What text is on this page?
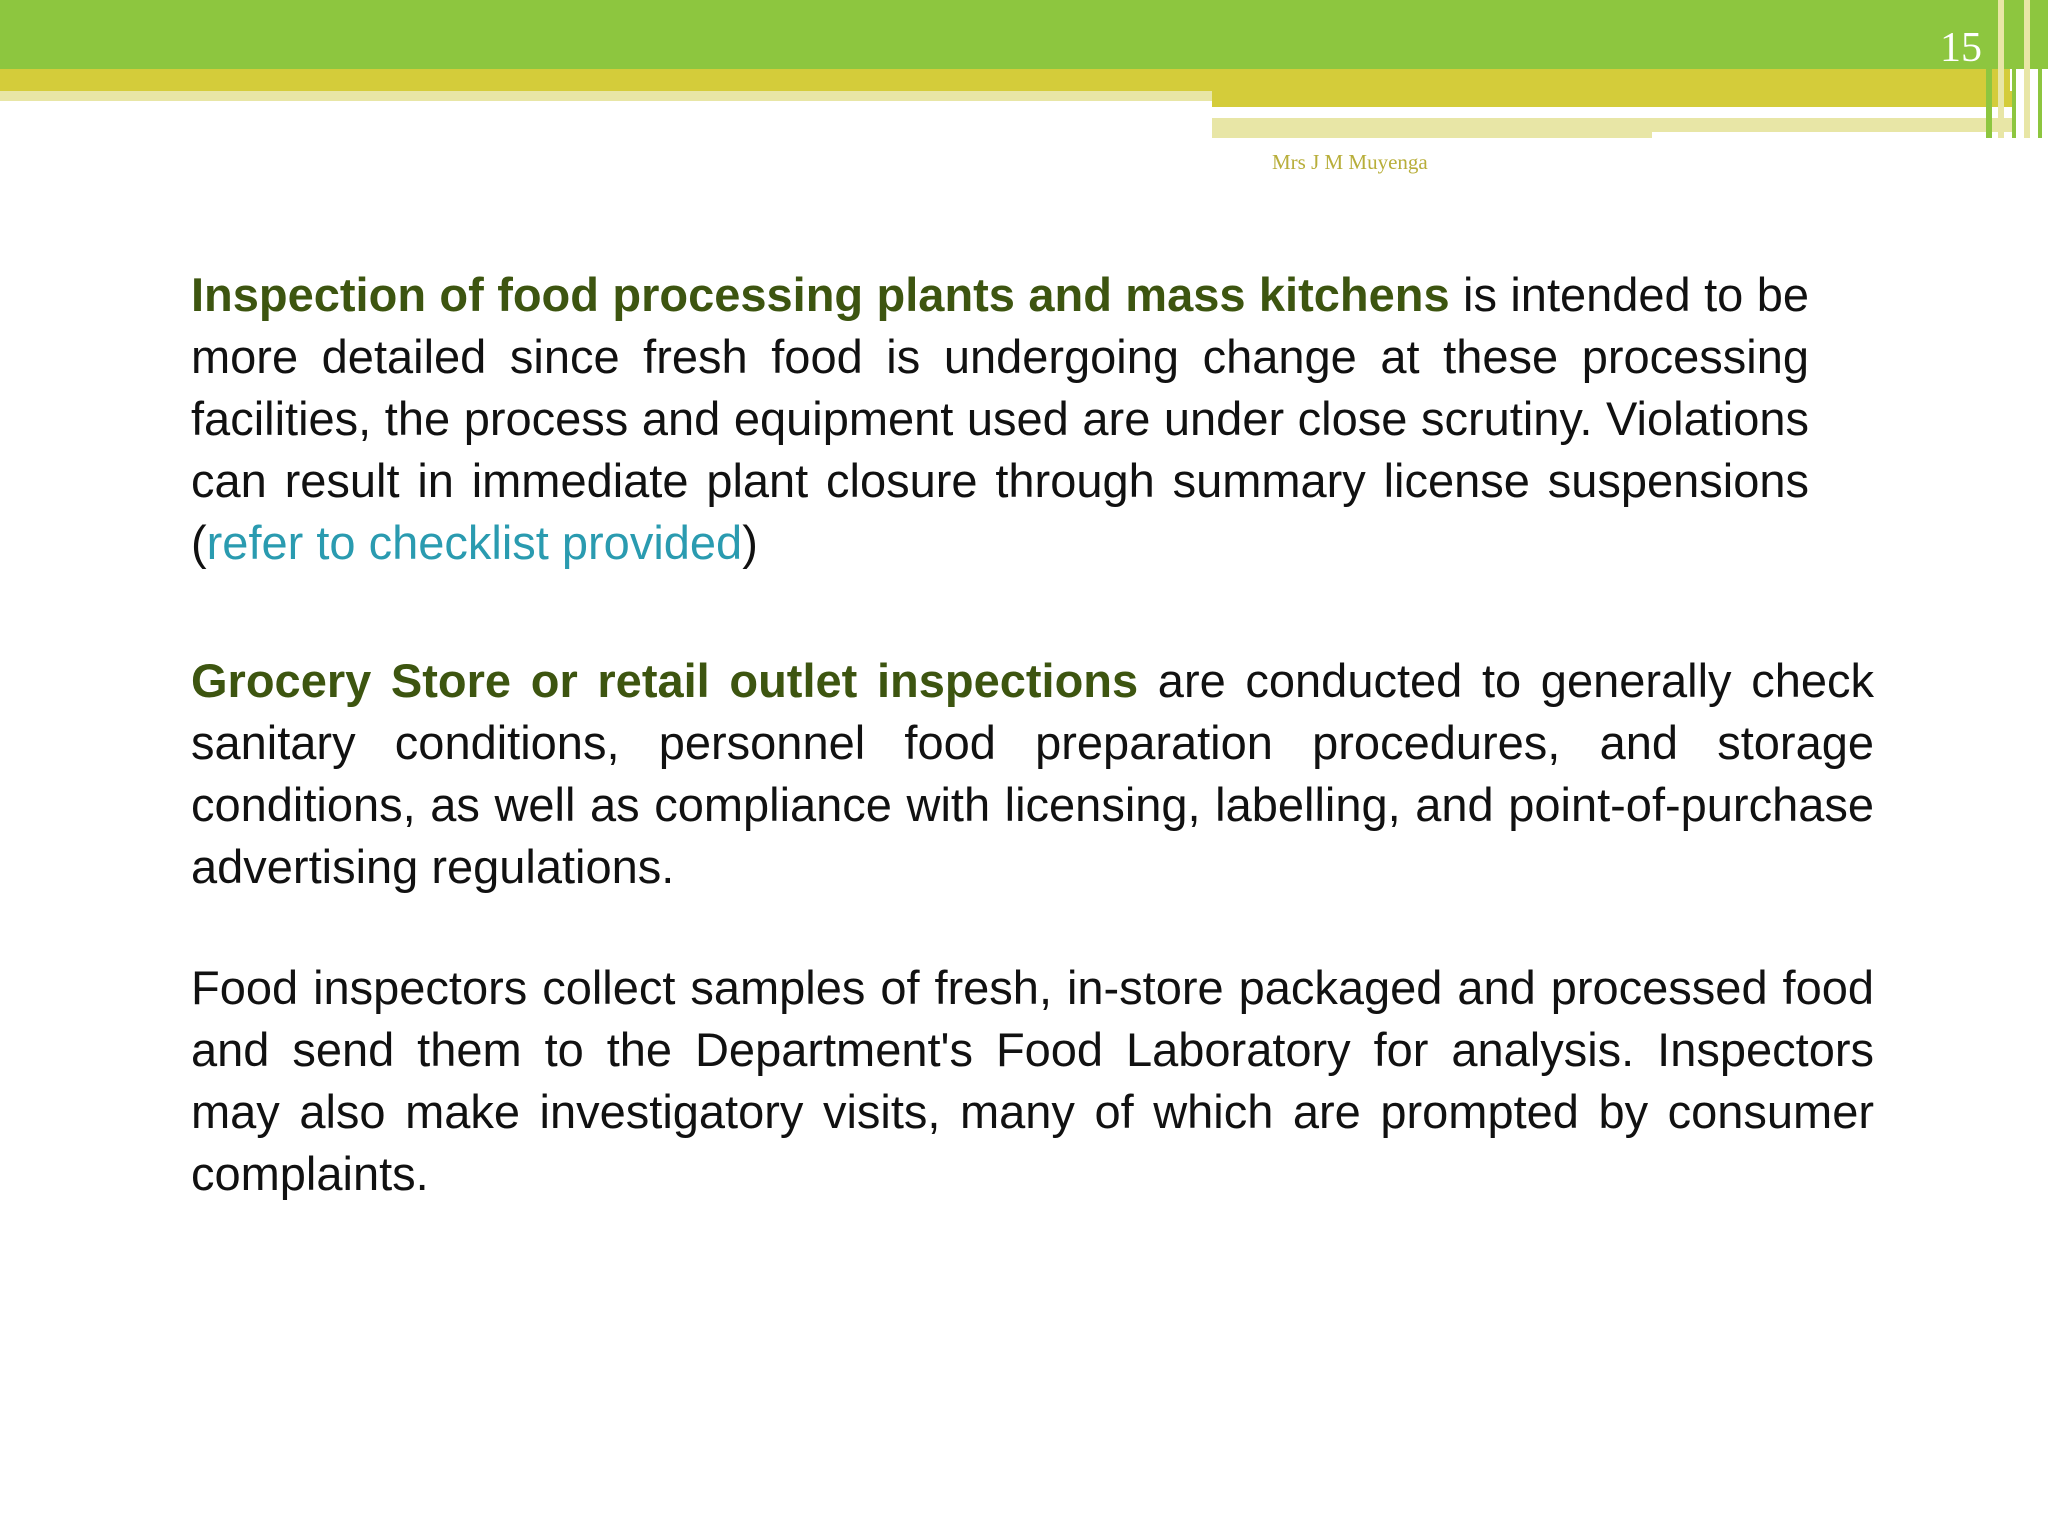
15
Mrs J M Muyenga
Inspection of food processing plants and mass kitchens is intended to be more detailed since fresh food is undergoing change at these processing facilities, the process and equipment used are under close scrutiny. Violations can result in immediate plant closure through summary license suspensions (refer to checklist provided)
Grocery Store or retail outlet inspections are conducted to generally check sanitary conditions, personnel food preparation procedures, and storage conditions, as well as compliance with licensing, labelling, and point-of-purchase advertising regulations.
Food inspectors collect samples of fresh, in-store packaged and processed food and send them to the Department's Food Laboratory for analysis. Inspectors may also make investigatory visits, many of which are prompted by consumer complaints.
